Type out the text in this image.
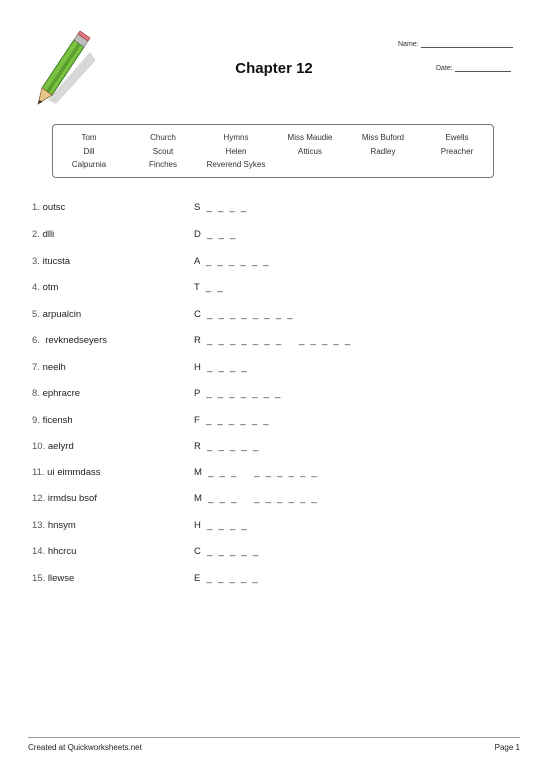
Chapter 12
Name:
Date:
Tom	Church	Hymns	Miss Maudie	Miss Buford	Ewells
Dill	Scout	Helen	Atticus	Radley	Preacher
Calpurnia	Finches	Reverend Sykes
1. outsc	S  _  _  _  _
2. dlli	D  _  _  _
3. itucsta	A  _  _  _  _  _  _
4. otm	T  _  _
5. arpualcin	C  _  _  _  _  _  _  _  _
6.  revknedseyers	R  _  _  _  _  _  _  _      _  _  _  _  _
7. neelh	H  _  _  _  _
8. ephracre	P  _  _  _  _  _  _  _
9. ficensh	F  _  _  _  _  _  _
10. aelyrd	R  _  _  _  _  _
11. ui eimmdass	M  _  _  _      _  _  _  _  _  _
12. irmdsu bsof	M  _  _  _      _  _  _  _  _  _
13. hnsym	H  _  _  _  _
14. hhcrcu	C  _  _  _  _  _
15. llewse	E  _  _  _  _  _
Created at Quickworksheets.net	Page 1
